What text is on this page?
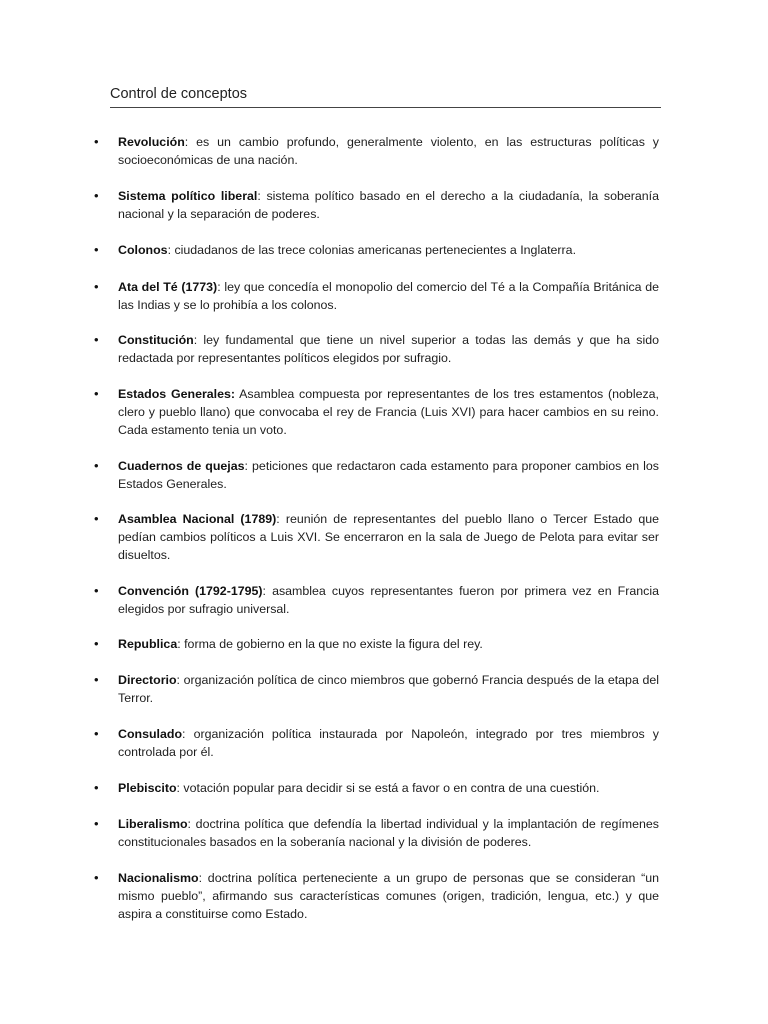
Control de conceptos
• Revolución: es un cambio profundo, generalmente violento, en las estructuras políticas y socioeconómicas de una nación.
• Sistema político liberal: sistema político basado en el derecho a la ciudadanía, la soberanía nacional y la separación de poderes.
• Colonos: ciudadanos de las trece colonias americanas pertenecientes a Inglaterra.
• Ata del Té (1773): ley que concedía el monopolio del comercio del Té a la Compañía Británica de las Indias y se lo prohibía a los colonos.
• Constitución: ley fundamental que tiene un nivel superior a todas las demás y que ha sido redactada por representantes políticos elegidos por sufragio.
• Estados Generales: Asamblea compuesta por representantes de los tres estamentos (nobleza, clero y pueblo llano) que convocaba el rey de Francia (Luis XVI) para hacer cambios en su reino. Cada estamento tenia un voto.
• Cuadernos de quejas: peticiones que redactaron cada estamento para proponer cambios en los Estados Generales.
• Asamblea Nacional (1789): reunión de representantes del pueblo llano o Tercer Estado que pedían cambios políticos a Luis XVI. Se encerraron en la sala de Juego de Pelota para evitar ser disueltos.
• Convención (1792-1795): asamblea cuyos representantes fueron por primera vez en Francia elegidos por sufragio universal.
• Republica: forma de gobierno en la que no existe la figura del rey.
• Directorio: organización política de cinco miembros que gobernó Francia después de la etapa del Terror.
• Consulado: organización política instaurada por Napoleón, integrado por tres miembros y controlada por él.
• Plebiscito: votación popular para decidir si se está a favor o en contra de una cuestión.
• Liberalismo: doctrina política que defendía la libertad individual y la implantación de regímenes constitucionales basados en la soberanía nacional y la división de poderes.
• Nacionalismo: doctrina política perteneciente a un grupo de personas que se consideran “un mismo pueblo”, afirmando sus características comunes (origen, tradición, lengua, etc.) y que aspira a constituirse como Estado.
